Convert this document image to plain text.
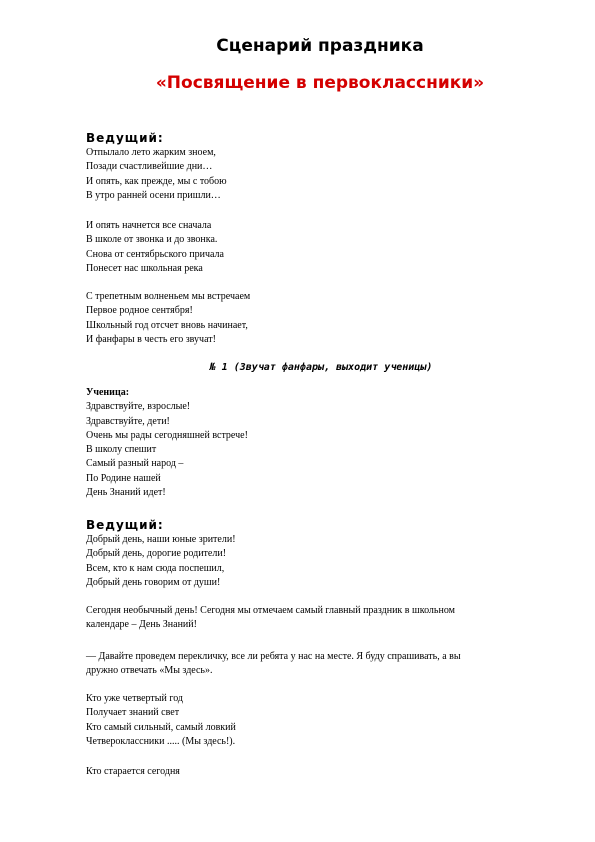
Сценарий праздника
«Посвящение в первоклассники»
Ведущий:
Отпылало лето жарким зноем,
Позади счастливейшие дни…
И опять, как прежде, мы с тобою
В утро ранней осени пришли…
И опять начнется все сначала
В школе от звонка и до звонка.
Снова от сентябрьского причала
Понесет нас школьная река
С трепетным волненьем мы встречаем
Первое родное сентября!
Школьный год отсчет вновь начинает,
И фанфары в честь его звучат!
№ 1 (Звучат фанфары, выходит ученицы)
Ученица:
Здравствуйте, взрослые!
Здравствуйте, дети!
Очень мы рады сегодняшней встрече!
В школу спешит
Самый разный народ –
По Родине нашей
День Знаний идет!
Ведущий:
Добрый день, наши юные зрители!
Добрый день, дорогие родители!
Всем, кто к нам сюда поспешил,
Добрый день говорим от души!
Сегодня необычный день! Сегодня мы отмечаем самый главный праздник в школьном
календаре – День Знаний!
— Давайте проведем перекличку, все ли ребята у нас на месте. Я буду спрашивать, а вы
дружно отвечать «Мы здесь».
Кто уже четвертый год
Получает знаний свет
Кто самый сильный, самый ловкий
Четвероклассники ..... (Мы здесь!).
Кто старается сегодня
